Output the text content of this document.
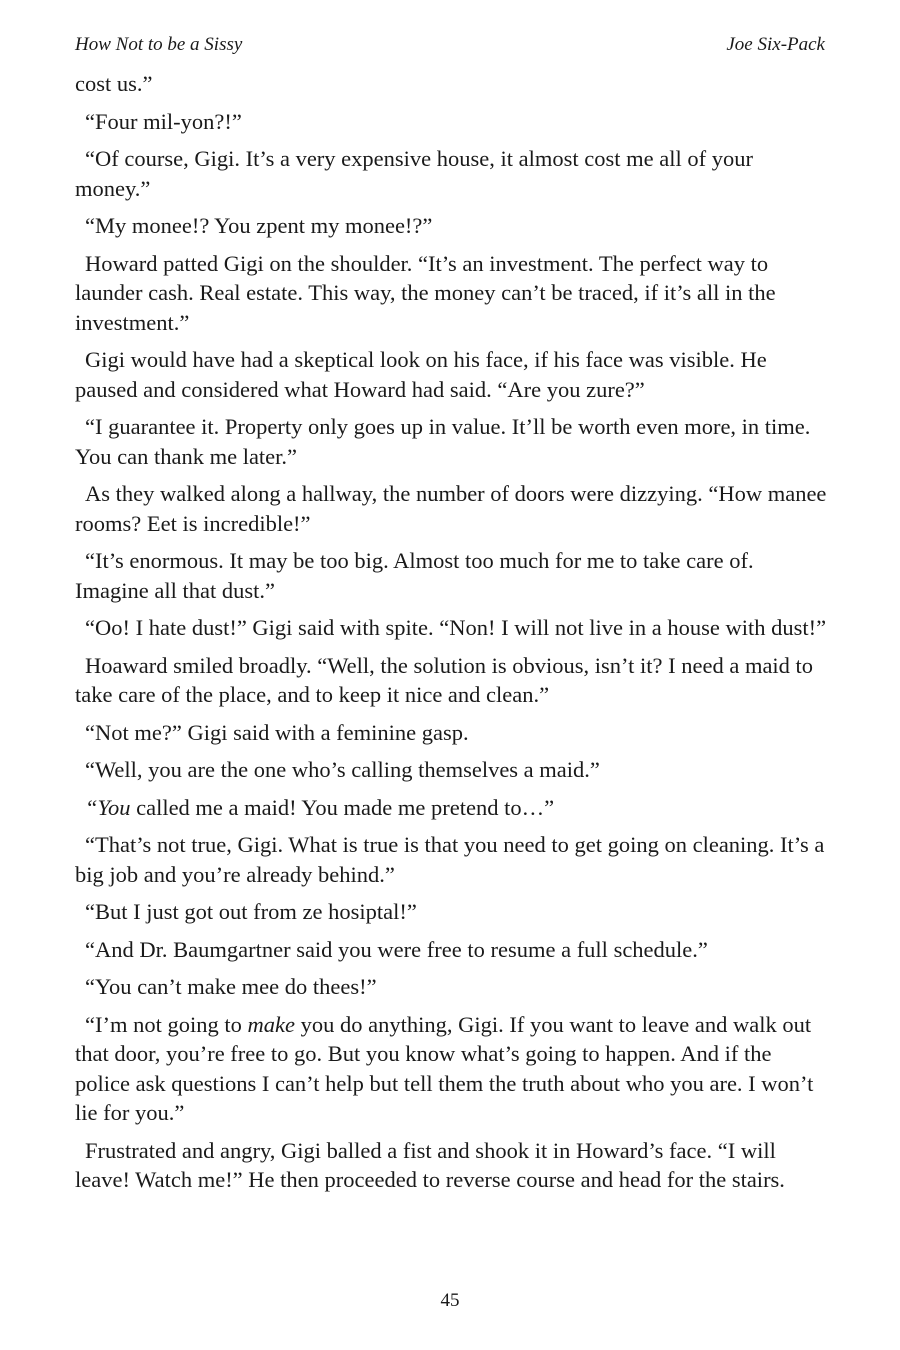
How Not to be a Sissy	Joe Six-Pack

cost us.”

“Four mil-yon?!”

“Of course, Gigi. It’s a very expensive house, it almost cost me all of your money.”

“My monee!? You zpent my monee!?”

Howard patted Gigi on the shoulder. “It’s an investment. The perfect way to launder cash. Real estate. This way, the money can’t be traced, if it’s all in the investment.”

Gigi would have had a skeptical look on his face, if his face was visible. He paused and considered what Howard had said. “Are you zure?”

“I guarantee it. Property only goes up in value. It’ll be worth even more, in time. You can thank me later.”

As they walked along a hallway, the number of doors were dizzying. “How manee rooms? Eet is incredible!”

“It’s enormous. It may be too big. Almost too much for me to take care of. Imagine all that dust.”

“Oo! I hate dust!” Gigi said with spite. “Non! I will not live in a house with dust!”

Hoaward smiled broadly. “Well, the solution is obvious, isn’t it? I need a maid to take care of the place, and to keep it nice and clean.”

“Not me?” Gigi said with a feminine gasp.

“Well, you are the one who’s calling themselves a maid.”

“You called me a maid! You made me pretend to…”

“That’s not true, Gigi. What is true is that you need to get going on cleaning. It’s a big job and you’re already behind.”

“But I just got out from ze hosiptal!”

“And Dr. Baumgartner said you were free to resume a full schedule.”

“You can’t make mee do thees!”

“I’m not going to make you do anything, Gigi. If you want to leave and walk out that door, you’re free to go. But you know what’s going to happen. And if the police ask questions I can’t help but tell them the truth about who you are. I won’t lie for you.”

Frustrated and angry, Gigi balled a fist and shook it in Howard’s face. “I will leave! Watch me!” He then proceeded to reverse course and head for the stairs.

45
